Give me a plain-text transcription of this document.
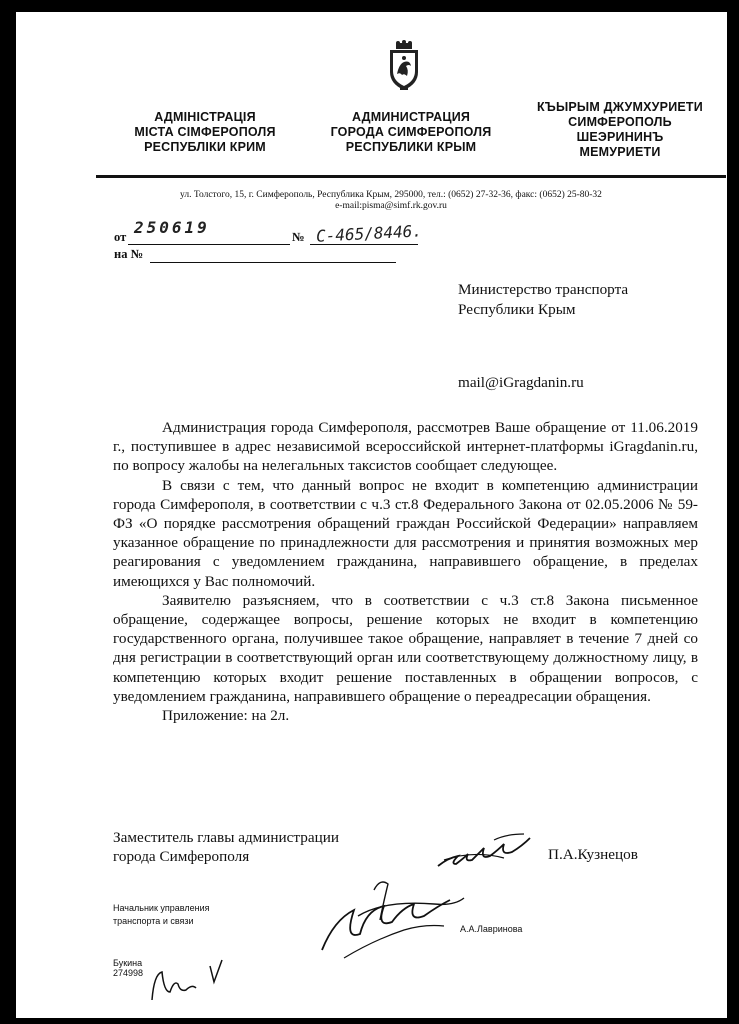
АДМІНІСТРАЦІЯ
МІСТА СІМФЕРОПОЛЯ
РЕСПУБЛІКИ КРИМ
АДМИНИСТРАЦИЯ
ГОРОДА СИМФЕРОПОЛЯ
РЕСПУБЛИКИ КРЫМ
КЪЫРЫМ ДЖУМХУРИЕТИ
СИМФЕРОПОЛЬ
ШЕЭРИНИНЪ
МЕМУРИЕТИ
ул. Толстого, 15, г. Симферополь, Республика Крым, 295000, тел.: (0652) 27-32-36, факс: (0652) 25-80-32
e-mail:pisma@simf.rk.gov.ru
от 250619	№ С-465/8446.
на №
Министерство транспорта
Республики Крым
mail@iGragdanin.ru

Администрация города Симферополя, рассмотрев Ваше обращение от 11.06.2019 г., поступившее в адрес независимой всероссийской интернет-платформы iGragdanin.ru, по вопросу жалобы на нелегальных таксистов сообщает следующее.

В связи с тем, что данный вопрос не входит в компетенцию администрации города Симферополя, в соответствии с ч.3 ст.8 Федерального Закона от 02.05.2006 № 59-ФЗ «О порядке рассмотрения обращений граждан Российской Федерации» направляем указанное обращение по принадлежности для рассмотрения и принятия возможных мер реагирования с уведомлением гражданина, направившего обращение, в пределах имеющихся у Вас полномочий.

Заявителю разъясняем, что в соответствии с ч.3 ст.8 Закона письменное обращение, содержащее вопросы, решение которых не входит в компетенцию государственного органа, получившее такое обращение, направляет в течение 7 дней со дня регистрации в соответствующий орган или соответствующему должностному лицу, в компетенцию которых входит решение поставленных в обращении вопросов, с уведомлением гражданина, направившего обращение о переадресации обращения.

Приложение: на 2л.

Заместитель главы администрации
города Симферополя	П.А.Кузнецов
Начальник управления
транспорта и связи
А.А.Лавринова
Букина
274998
